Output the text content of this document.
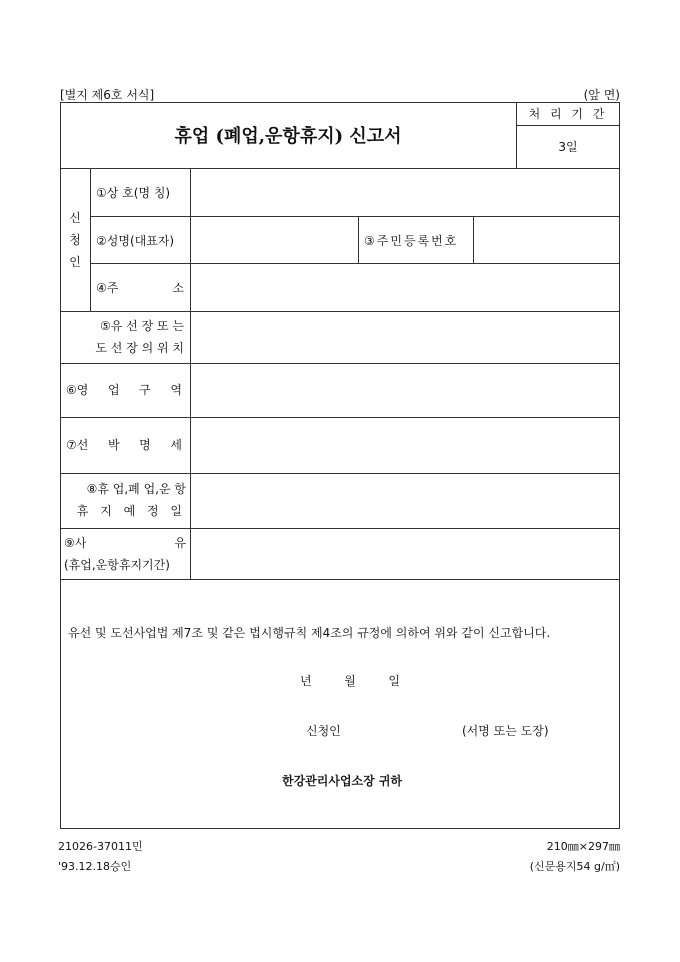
[별지 제6호 서식]	(앞 면)
휴업 (폐업,운항휴지) 신고서
처 리 기 간
3일
신
청
인
①상 호(명 칭)
②성명(대표자)	③주민등록번호
④주	소
⑤유 선 장 또 는
도 선 장 의 위 치
⑥영 업 구 역
⑦선 박 명 세
⑧휴 업,폐 업,운 항
휴 지 예 정 일
⑨사	유
(휴업,운항휴지기간)
유선 및 도선사업법 제7조 및 같은 법시행규칙 제4조의 규정에 의하여 위와 같이 신고합니다.
년	월	일
신청인	(서명 또는 도장)
한강관리사업소장 귀하
21026-37011민
'93.12.18승인
210㎜×297㎜
(신문용지54 g/㎡)
